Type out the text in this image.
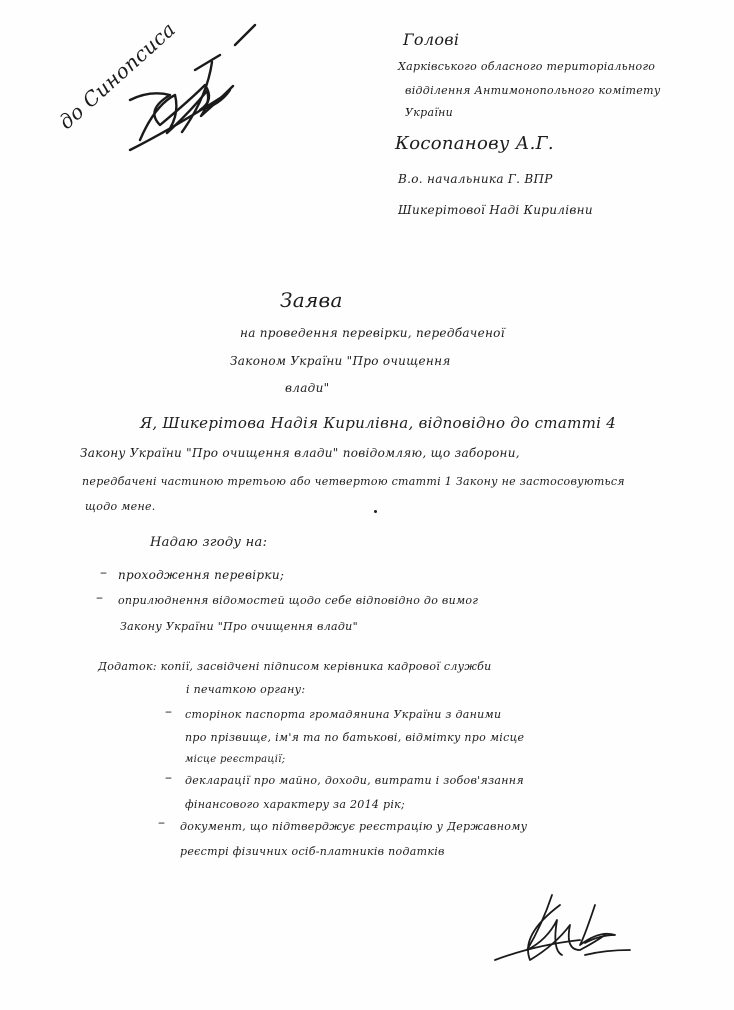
до Синопсиса	Голові
Харківського обласного територіального
відділення Антимонопольного комітету
України
Косопанову А.Г.
В.о. начальника Г. ВПР
Шикерітової Наді Кирилівни
Заява
на проведення перевірки, передбаченої
Законом України "Про очищення
влади"
Я, Шикерітова Надія Кирилівна, відповідно до статті 4
Закону України "Про очищення влади" повідомляю, що заборони,
передбачені частиною третьою або четвертою статті 1 Закону не застосовуються
щодо мене.
Надаю згоду на:
– проходження перевірки;
– оприлюднення відомостей щодо себе відповідно до вимог
Закону України "Про очищення влади"
Додаток: копії, засвідчені підписом керівника кадрової служби
і печаткою органу:
– сторінок паспорта громадянина України з даними
про прізвище, ім'я та по батькові, відмітку про місце
місце реєстрації;
– декларації про майно, доходи, витрати і зобов'язання
фінансового характеру за 2014 рік;
– документ, що підтверджує реєстрацію у Державному
реєстрі фізичних осіб-платників податків
